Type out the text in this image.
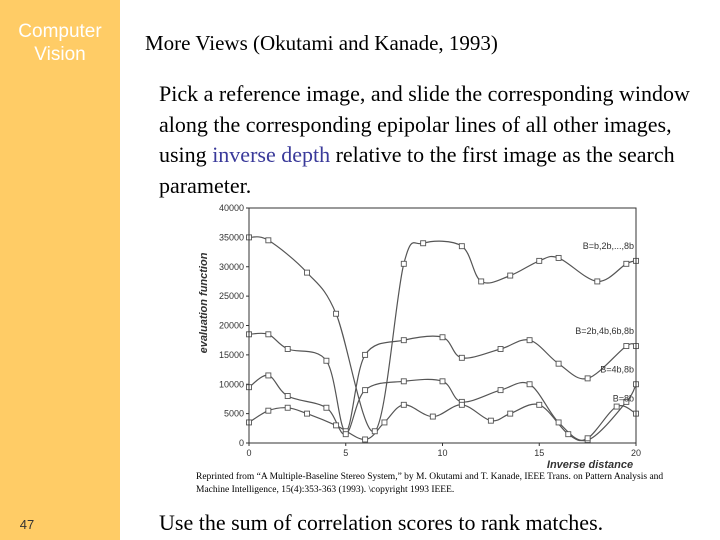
Computer
Vision
47
More Views (Okutami and Kanade, 1993)
Pick a reference image, and slide the corresponding window along the corresponding epipolar lines of all other images, using inverse depth relative to the first image as the search parameter.
0
5000
10000
15000
20000
25000
30000
35000
40000
0	5	10	15	20
B=b,2b,...,8b
B=2b,4b,6b,8b
B=4b,8b
B=8b
evaluation function
Inverse distance
Reprinted from “A Multiple-Baseline Stereo System,” by M. Okutami and T. Kanade, IEEE Trans. on Pattern Analysis and Machine Intelligence, 15(4):353-363 (1993). \copyright 1993 IEEE.
Use the sum of correlation scores to rank matches.
